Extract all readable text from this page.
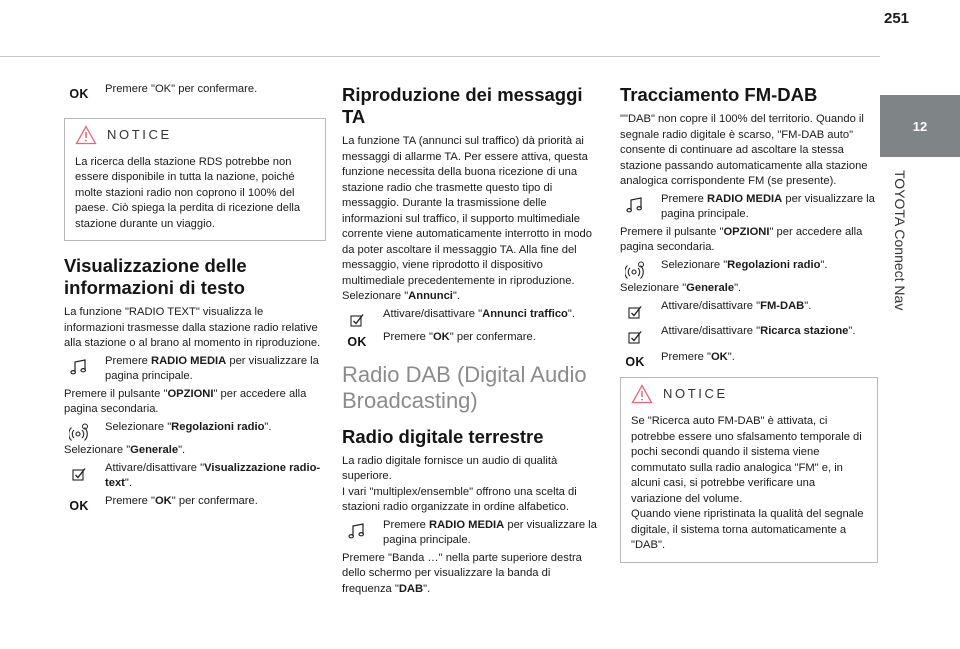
251
12
TOYOTA Connect Nav
OK Premere "OK" per confermare.
NOTICE
La ricerca della stazione RDS potrebbe non essere disponibile in tutta la nazione, poiché molte stazioni radio non coprono il 100% del paese. Ciò spiega la perdita di ricezione della stazione durante un viaggio.
Visualizzazione delle informazioni di testo

La funzione "RADIO TEXT" visualizza le informazioni trasmesse dalla stazione radio relative alla stazione o al brano al momento in riproduzione.

Premere RADIO MEDIA per visualizzare la pagina principale.

Premere il pulsante "OPZIONI" per accedere alla pagina secondaria.

Selezionare "Regolazioni radio".

Selezionare "Generale".

Attivare/disattivare "Visualizzazione radio-text".
OK Premere "OK" per confermare.
Riproduzione dei messaggi TA

La funzione TA (annunci sul traffico) dà priorità ai messaggi di allarme TA. Per essere attiva, questa funzione necessita della buona ricezione di una stazione radio che trasmette questo tipo di messaggio. Durante la trasmissione delle informazioni sul traffico, il supporto multimediale corrente viene automaticamente interrotto in modo da poter ascoltare il messaggio TA. Alla fine del messaggio, viene riprodotto il dispositivo multimediale precedentemente in riproduzione.

Selezionare "Annunci".

Attivare/disattivare "Annunci traffico".
OK Premere "OK" per confermare.
Radio DAB (Digital Audio Broadcasting)
Radio digitale terrestre

La radio digitale fornisce un audio di qualità superiore.

I vari "multiplex/ensemble" offrono una scelta di stazioni radio organizzate in ordine alfabetico.

Premere RADIO MEDIA per visualizzare la pagina principale.

Premere "Banda …" nella parte superiore destra dello schermo per visualizzare la banda di frequenza "DAB".

Tracciamento FM-DAB

""DAB" non copre il 100% del territorio. Quando il segnale radio digitale è scarso, "FM-DAB auto" consente di continuare ad ascoltare la stessa stazione passando automaticamente alla stazione analogica corrispondente FM (se presente).

Premere RADIO MEDIA per visualizzare la pagina principale.

Premere il pulsante "OPZIONI" per accedere alla pagina secondaria.

Selezionare "Regolazioni radio".

Selezionare "Generale".

Attivare/disattivare "FM-DAB".
Attivare/disattivare "Ricarca stazione".
OK Premere "OK".
NOTICE
Se "Ricerca auto FM-DAB" è attivata, ci potrebbe essere uno sfalsamento temporale di pochi secondi quando il sistema viene commutato sulla radio analogica "FM" e, in alcuni casi, si potrebbe verificare una variazione del volume.
Quando viene ripristinata la qualità del segnale digitale, il sistema torna automaticamente a "DAB".
